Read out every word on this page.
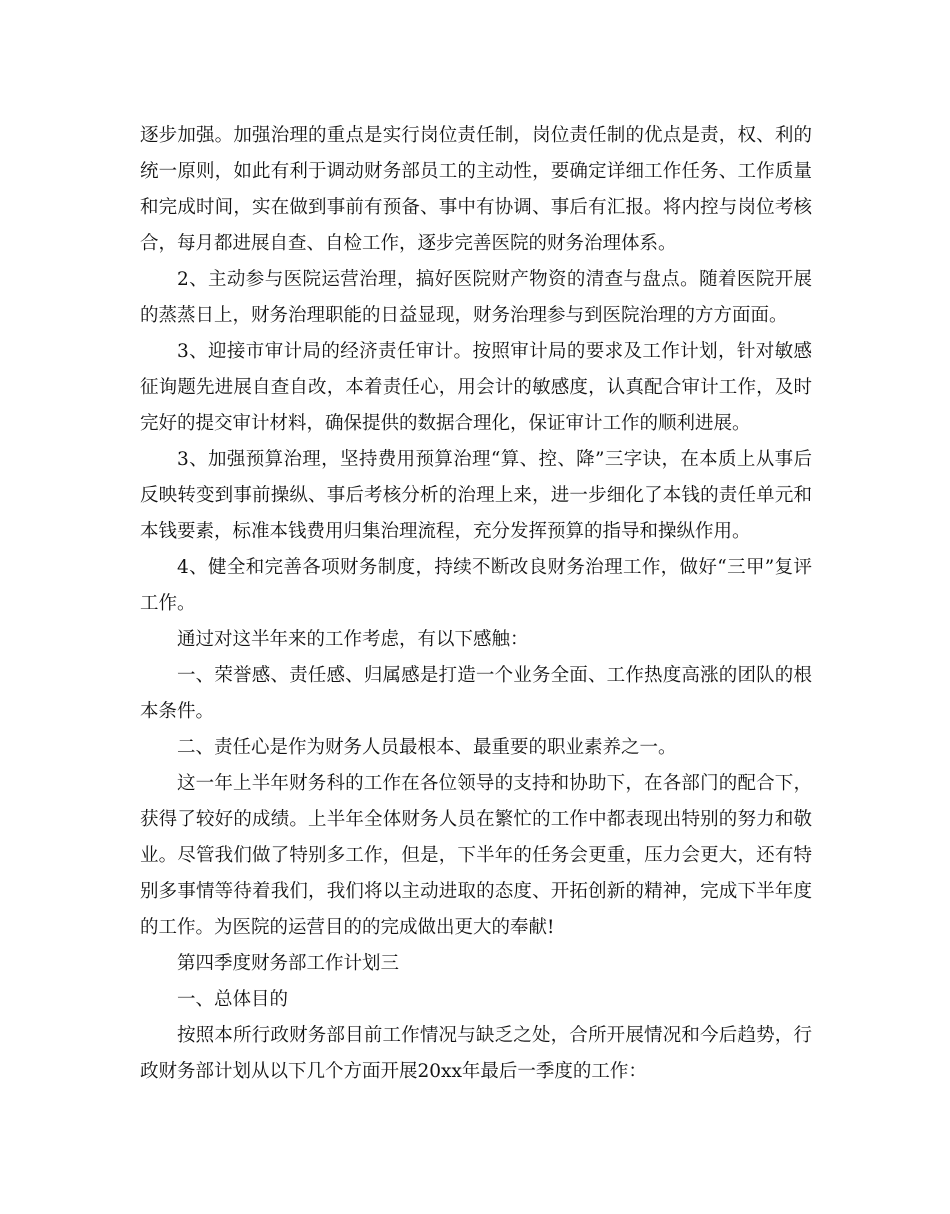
逐步加强。加强治理的重点是实行岗位责任制，岗位责任制的优点是责，权、利的统一原则，如此有利于调动财务部员工的主动性，要确定详细工作任务、工作质量和完成时间，实在做到事前有预备、事中有协调、事后有汇报。将内控与岗位考核合，每月都进展自查、自检工作，逐步完善医院的财务治理体系。

2、主动参与医院运营治理，搞好医院财产物资的清查与盘点。随着医院开展的蒸蒸日上，财务治理职能的日益显现，财务治理参与到医院治理的方方面面。

3、迎接市审计局的经济责任审计。按照审计局的要求及工作计划，针对敏感征询题先进展自查自改，本着责任心，用会计的敏感度，认真配合审计工作，及时完好的提交审计材料，确保提供的数据合理化，保证审计工作的顺利进展。

3、加强预算治理，坚持费用预算治理“算、控、降”三字诀，在本质上从事后反映转变到事前操纵、事后考核分析的治理上来，进一步细化了本钱的责任单元和本钱要素，标准本钱费用归集治理流程，充分发挥预算的指导和操纵作用。

4、健全和完善各项财务制度，持续不断改良财务治理工作，做好“三甲”复评工作。

通过对这半年来的工作考虑，有以下感触：

一、荣誉感、责任感、归属感是打造一个业务全面、工作热度高涨的团队的根本条件。

二、责任心是作为财务人员最根本、最重要的职业素养之一。

这一年上半年财务科的工作在各位领导的支持和协助下，在各部门的配合下，获得了较好的成绩。上半年全体财务人员在繁忙的工作中都表现出特别的努力和敬业。尽管我们做了特别多工作，但是，下半年的任务会更重，压力会更大，还有特别多事情等待着我们，我们将以主动进取的态度、开拓创新的精神，完成下半年度的工作。为医院的运营目的的完成做出更大的奉献!

第四季度财务部工作计划三

一、总体目的

按照本所行政财务部目前工作情况与缺乏之处，合所开展情况和今后趋势，行政财务部计划从以下几个方面开展20xx年最后一季度的工作：
